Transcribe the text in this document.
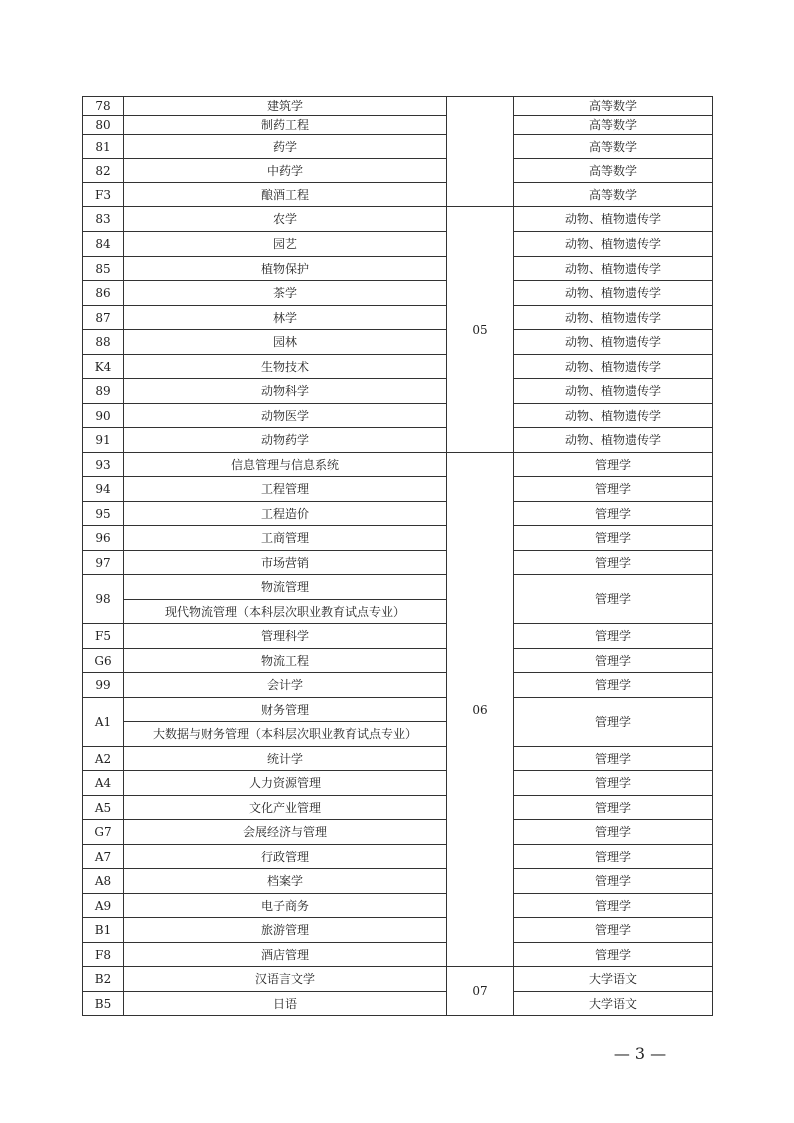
78	建筑学		高等数学
80	制药工程		高等数学
81	药学		高等数学
82	中药学		高等数学
F3	酿酒工程		高等数学
83	农学	05	动物、植物遗传学
84	园艺		动物、植物遗传学
85	植物保护		动物、植物遗传学
86	茶学		动物、植物遗传学
87	林学		动物、植物遗传学
88	园林		动物、植物遗传学
K4	生物技术		动物、植物遗传学
89	动物科学		动物、植物遗传学
90	动物医学		动物、植物遗传学
91	动物药学		动物、植物遗传学
93	信息管理与信息系统	06	管理学
94	工程管理		管理学
95	工程造价		管理学
96	工商管理		管理学
97	市场营销		管理学
98	物流管理		管理学
	现代物流管理（本科层次职业教育试点专业）		
F5	管理科学		管理学
G6	物流工程		管理学
99	会计学		管理学
A1	财务管理		管理学
	大数据与财务管理（本科层次职业教育试点专业）		
A2	统计学		管理学
A4	人力资源管理		管理学
A5	文化产业管理		管理学
G7	会展经济与管理		管理学
A7	行政管理		管理学
A8	档案学		管理学
A9	电子商务		管理学
B1	旅游管理		管理学
F8	酒店管理		管理学
B2	汉语言文学	07	大学语文
B5	日语		大学语文
— 3 —
